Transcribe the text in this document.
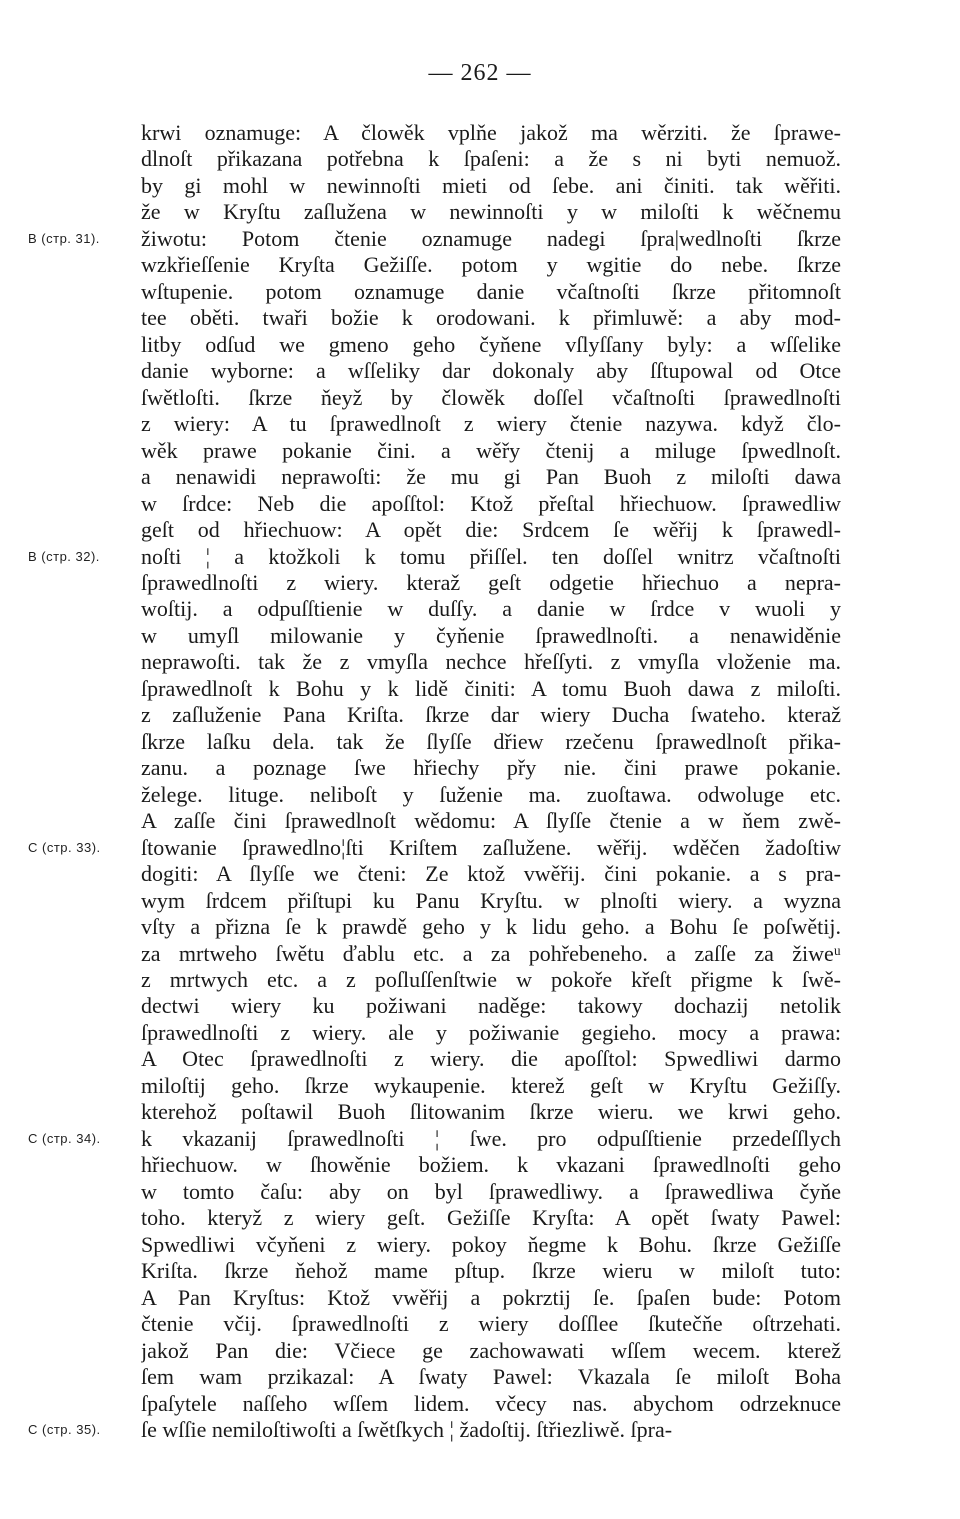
— 262 —
krwi oznamuge: A člowěk vplňe jakož ma wěrziti. že ſprawe-
dlnoſt přikazana potřebna k ſpaſeni: a že s ni byti nemuož.
by gi mohl w newinnoſti mieti od ſebe. ani činiti. tak wěřiti.
že w Kryſtu zaſlužena w newinnoſti y w miloſti k wěčnemu
žiwotu: Potom čtenie oznamuge nadegi ſpra|wedlnoſti ſkrze
wzkřieſſenie Kryſta Gežiſſe. potom y wgitie do nebe. ſkrze
wſtupenie. potom oznamuge danie včaſtnoſti ſkrze přitomnoſt
tee oběti. twaři božie k orodowani. k přimluwě: a aby mod-
litby odſud we gmeno geho čyňene vſlyſſany byly: a wſſelike
danie wyborne: a wſſeliky dar dokonaly aby ſſtupowal od Otce
ſwětloſti. ſkrze ňeyž by člowěk doſſel včaſtnoſti ſprawedlnoſti
z wiery: A tu ſprawedlnoſt z wiery čtenie nazywa. když člo-
wěk prawe pokanie čini. a wěřy čtenij a miluge ſpwedlnoſt.
a nenawidi neprawoſti: že mu gi Pan Buoh z miloſti dawa
w ſrdce: Neb die apoſſtol: Ktož přeſtal hřiechuow. ſprawedliw
geſt od hřiechuow: A opět die: Srdcem ſe wěřij k ſprawedl-
noſti ¦ a ktožkoli k tomu přiſſel. ten doſſel wnitrz včaſtnoſti
ſprawedlnoſti z wiery. kteraž geſt odgetie hřiechuo a nepra-
woſtij. a odpuſſtienie w duſſy. a danie w ſrdce v wuoli y
w umyſl milowanie y čyňenie ſprawedlnoſti. a nenawiděnie
neprawoſti. tak že z vmyſla nechce hřeſſyti. z vmyſla vloženie ma.
ſprawedlnoſt k Bohu y k lidě činiti: A tomu Buoh dawa z miloſti.
z zaſluženie Pana Kriſta. ſkrze dar wiery Ducha ſwateho. kteraž
ſkrze laſku dela. tak že ſlyſſe dřiew rzečenu ſprawedlnoſt přika-
zanu. a poznage ſwe hřiechy přy nie. čini prawe pokanie.
želege. lituge. neliboſt y ſuženie ma. zuoſtawa. odwoluge etc.
A zaſſe čini ſprawedlnoſt wědomu: A ſlyſſe čtenie a w ňem zwě-
ſtowanie ſprawedlno¦ſti Kriſtem zaſlužene. wěřij. wděčen žadoſtiw
dogiti: A ſlyſſe we čteni: Ze ktož vwěřij. čini pokanie. a s pra-
wym ſrdcem přiſtupi ku Panu Kryſtu. w plnoſti wiery. a wyzna
vſty a přizna ſe k prawdě geho y k lidu geho. a Bohu ſe poſwětij.
za mrtweho ſwětu ďablu etc. a za pohřebeneho. a zaſſe za žiweᵘ
z mrtwych etc. a z poſluſſenſtwie w pokoře křeſt přigme k ſwě-
dectwi wiery ku požiwani naděge: takowy dochazij netolik
ſprawedlnoſti z wiery. ale y požiwanie gegieho. mocy a prawa:
A Otec ſprawedlnoſti z wiery. die apoſſtol: Spwedliwi darmo
miloſtij geho. ſkrze wykaupenie. kterež geſt w Kryſtu Gežiſſy.
kterehož poſtawil Buoh ſlitowanim ſkrze wieru. we krwi geho.
k vkazanij ſprawedlnoſti ¦ ſwe. pro odpuſſtienie przedeſſlych
hřiechuow. w ſhowěnie božiem. k vkazani ſprawedlnoſti geho
w tomto čaſu: aby on byl ſprawedliwy. a ſprawedliwa čyňe
toho. kteryž z wiery geſt. Gežiſſe Kryſta: A opět ſwaty Pawel:
Spwedliwi včyňeni z wiery. pokoy ňegme k Bohu. ſkrze Gežiſſe
Kriſta. ſkrze ňehož mame pſtup. ſkrze wieru w miloſt tuto:
A Pan Kryſtus: Ktož vwěřij a pokrztij ſe. ſpaſen bude: Potom
čtenie včij. ſprawedlnoſti z wiery doſſlee ſkutečňe oſtrzehati.
jakož Pan die: Včiece ge zachowawati wſſem wecem. kterež
ſem wam przikazal: A ſwaty Pawel: Vkazala ſe miloſt Boha
ſpaſytele naſſeho wſſem lidem. včecy nas. abychom odrzeknuce
ſe wſſie nemiloſtiwoſti a ſwětſkych ¦ žadoſtij. ſtřiezliwě. ſpra-
B (стр. 31).
B (стр. 32).
C (стр. 33).
C (стр. 34).
C (стр. 35).
